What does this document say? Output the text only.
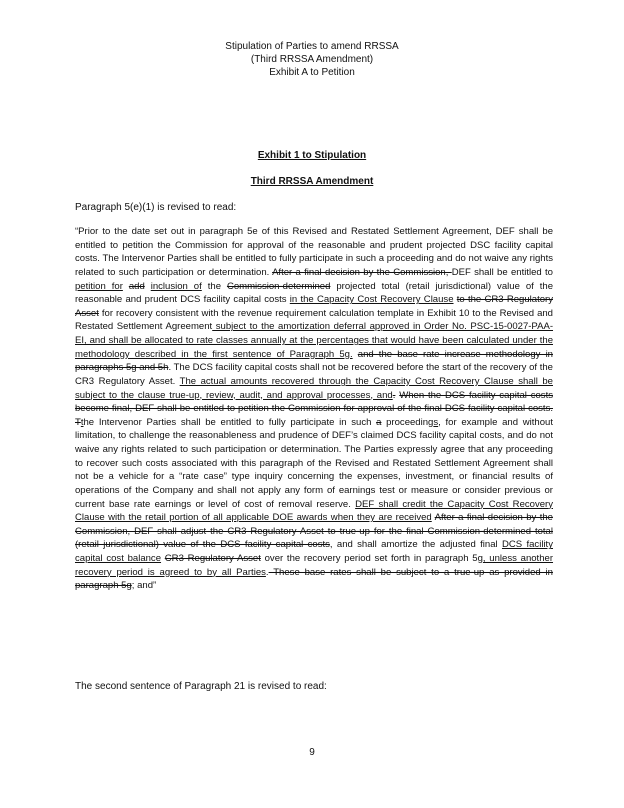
Stipulation of Parties to amend RRSSA
(Third RRSSA Amendment)
Exhibit A to Petition
Exhibit 1 to Stipulation
Third RRSSA Amendment
Paragraph 5(e)(1) is revised to read:
“Prior to the date set out in paragraph 5e of this Revised and Restated Settlement Agreement, DEF shall be entitled to petition the Commission for approval of the reasonable and prudent projected DSC facility capital costs. The Intervenor Parties shall be entitled to fully participate in such a proceeding and do not waive any rights related to such participation or determination. After a final decision by the Commission, DEF shall be entitled to petition for add inclusion of the Commission-determined projected total (retail jurisdictional) value of the reasonable and prudent DCS facility capital costs in the Capacity Cost Recovery Clause to the CR3 Regulatory Asset for recovery consistent with the revenue requirement calculation template in Exhibit 10 to the Revised and Restated Settlement Agreement subject to the amortization deferral approved in Order No. PSC-15-0027-PAA-EI, and shall be allocated to rate classes annually at the percentages that would have been calculated under the methodology described in the first sentence of Paragraph 5g. and the base rate increase methodology in paragraphs 5g and 5h. The DCS facility capital costs shall not be recovered before the start of the recovery of the CR3 Regulatory Asset. The actual amounts recovered through the Capacity Cost Recovery Clause shall be subject to the clause true-up, review, audit, and approval processes, and. When the DCS facility capital costs become final, DEF shall be entitled to petition the Commission for approval of the final DCS facility capital costs. Tthe Intervenor Parties shall be entitled to fully participate in such a proceedings, for example and without limitation, to challenge the reasonableness and prudence of DEF’s claimed DCS facility capital costs, and do not waive any rights related to such participation or determination. The Parties expressly agree that any proceeding to recover such costs associated with this paragraph of the Revised and Restated Settlement Agreement shall not be a vehicle for a “rate case” type inquiry concerning the expenses, investment, or financial results of operations of the Company and shall not apply any form of earnings test or measure or consider previous or current base rate earnings or level of cost of removal reserve. DEF shall credit the Capacity Cost Recovery Clause with the retail portion of all applicable DOE awards when they are received After a final decision by the Commission, DEF shall adjust the CR3 Regulatory Asset to true-up for the final Commission-determined total (retail jurisdictional) value of the DCS facility capital costs, and shall amortize the adjusted final DCS facility capital cost balance CR3 Regulatory Asset over the recovery period set forth in paragraph 5g, unless another recovery period is agreed to by all Parties. These base rates shall be subject to a true-up as provided in paragraph 5g; and”
The second sentence of Paragraph 21 is revised to read:
9
